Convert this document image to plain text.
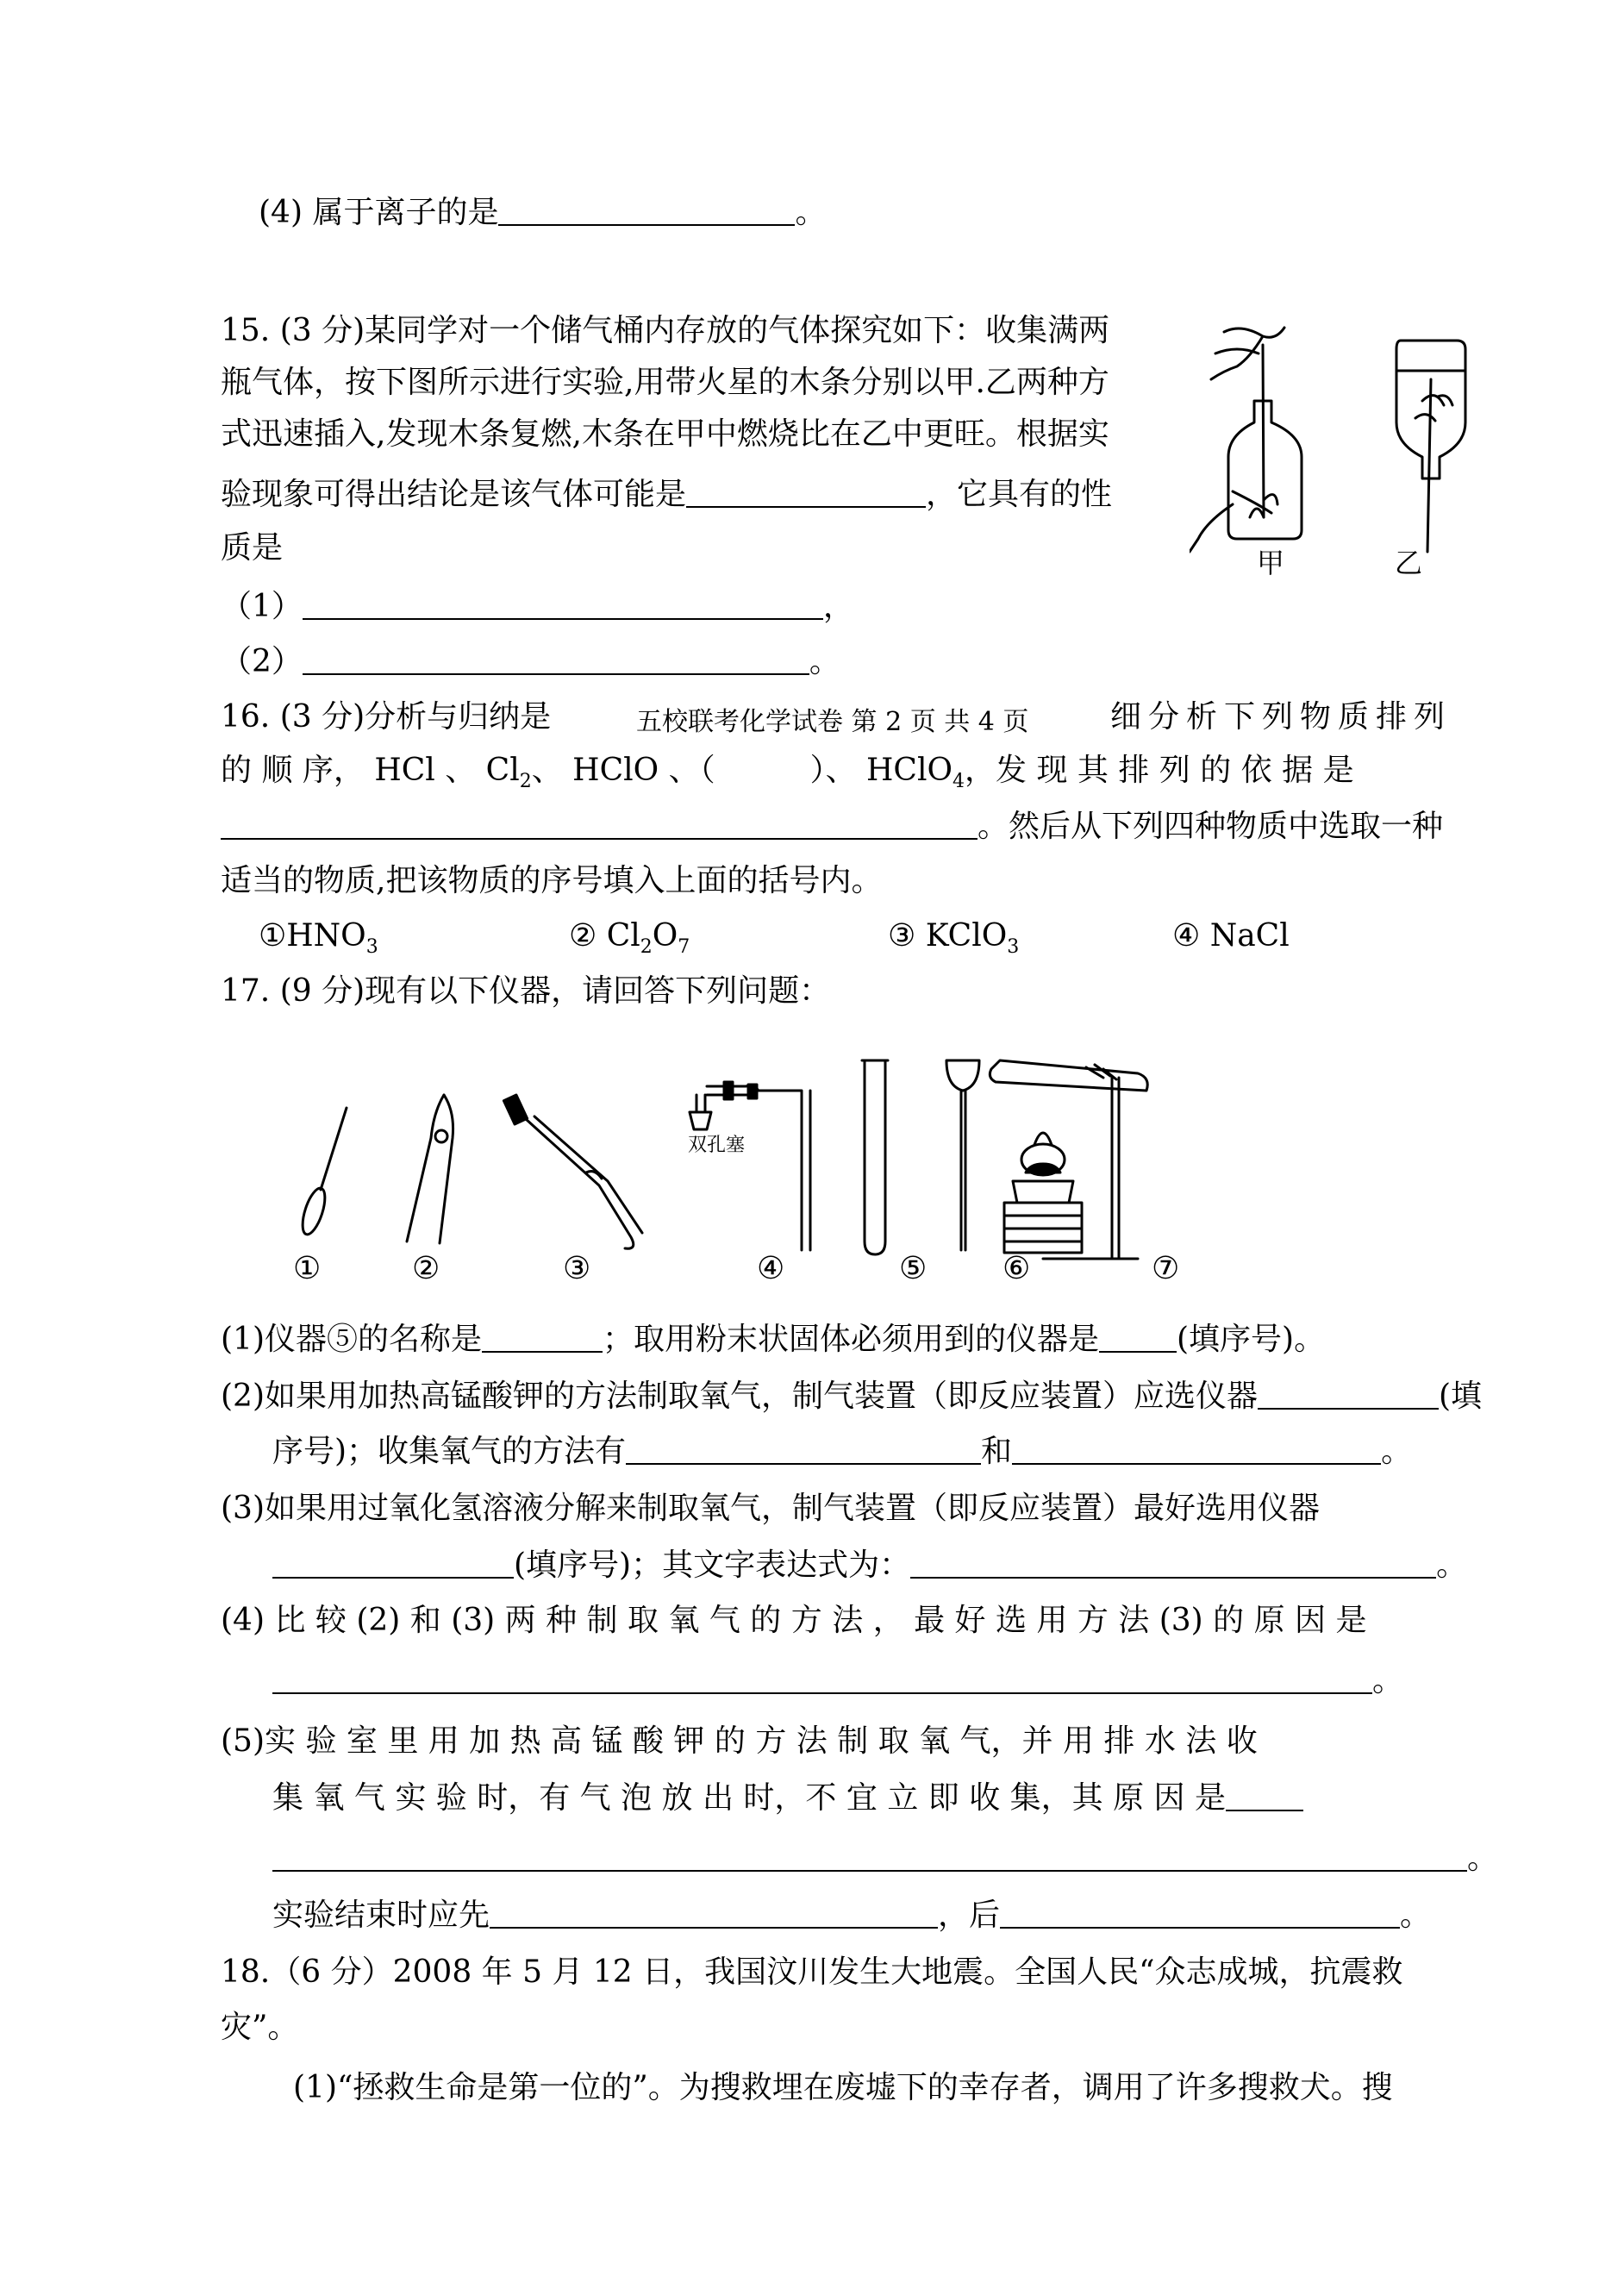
(4) 属于离子的是	。
15. (3 分)某同学对一个储气桶内存放的气体探究如下：收集满两
瓶气体，按下图所示进行实验,用带火星的木条分别以甲.乙两种方
式迅速插入,发现木条复燃,木条在甲中燃烧比在乙中更旺。根据实
验现象可得出结论是该气体可能是	，它具有的性
质是
（1）	，
（2）	。
甲	乙
16. (3 分)分析与归纳是	五校联考化学试卷 第 2 页 共 4 页	细分析下列物质排列
的 顺 序， HCl 、 $Cl_2$、 HClO 、（	）、 HClO$_4$，发 现 其 排 列 的 依 据 是
。然后从下列四种物质中选取一种
适当的物质,把该物质的序号填入上面的括号内。
$①HNO_3$	② $Cl_2O_7$	③ KClO$_3$	④ NaCl
17. (9 分)现有以下仪器，请回答下列问题：
双孔塞
①	②	③	④	⑤ ⑥	⑦
(1)仪器⑤的名称是	；取用粉末状固体必须用到的仪器是	(填序号)。
(2)如果用加热高锰酸钾的方法制取氧气，制气装置（即反应装置）应选仪器	(填
序号)；收集氧气的方法有	和	。
(3)如果用过氧化氢溶液分解来制取氧气，制气装置（即反应装置）最好选用仪器
(填序号)；其文字表达式为：	。
(4) 比 较 (2) 和 (3) 两 种 制 取 氧 气 的 方 法 ， 最 好 选 用 方 法 (3) 的 原 因 是
。
(5)实 验 室 里 用 加 热 高 锰 酸 钾 的 方 法 制 取 氧 气，并 用 排 水 法 收
集 氧 气 实 验 时，有 气 泡 放 出 时，不 宜 立 即 收 集，其 原 因 是
。
实验结束时应先	，后	。
18.（6 分）2008 年 5 月 12 日，我国汶川发生大地震。全国人民“众志成城，抗震救
灾”。
(1)“拯救生命是第一位的”。为搜救埋在废墟下的幸存者，调用了许多搜救犬。搜
